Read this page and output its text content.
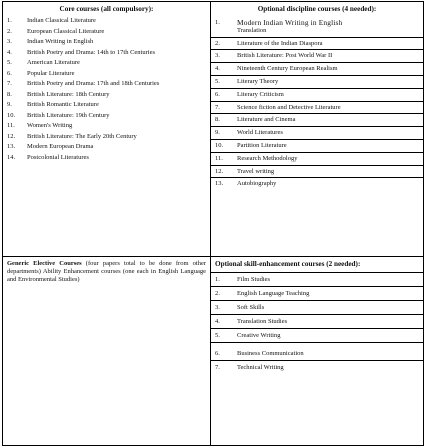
Core courses (all compulsory):
1.	Indian Classical Literature
2.	European Classical Literature
3.	Indian Writing in English
4.	British Poetry and Drama: 14th to 17th Centuries
5.	American Literature
6.	Popular Literature
7.	British Poetry and Drama: 17th and 18th Centuries
8.	British Literature: 18th Century
9.	British Romantic Literature
10.	British Literature: 19th Century
11.	Women's Writing
12.	British Literature: The Early 20th Century
13.	Modern European Drama
14.	Postcolonial Literatures
Optional discipline courses (4 needed):
1.	Modern Indian Writing in English
Translation
2.	Literature of the Indian Diaspora
3.	British Literature: Post World War II
4.	Nineteenth Century European Realism
5.	Literary Theory
6.	Literary Criticism
7.	Science fiction and Detective Literature
8.	Literature and Cinema
9.	World Literatures
10.	Partition Literature
11.	Research Methodology
12.	Travel writing
13.	Autobiography
Generic Elective Courses (four papers total to be done from other departments) Ability Enhancement courses (one each in English Language and Environmental Studies)
Optional skill-enhancement courses (2 needed):
1.	Film Studies
2.	English Language Teaching
3.	Soft Skills
4.	Translation Studies
5.	Creative Writing
6.	Business Communication
7.	Technical Writing
